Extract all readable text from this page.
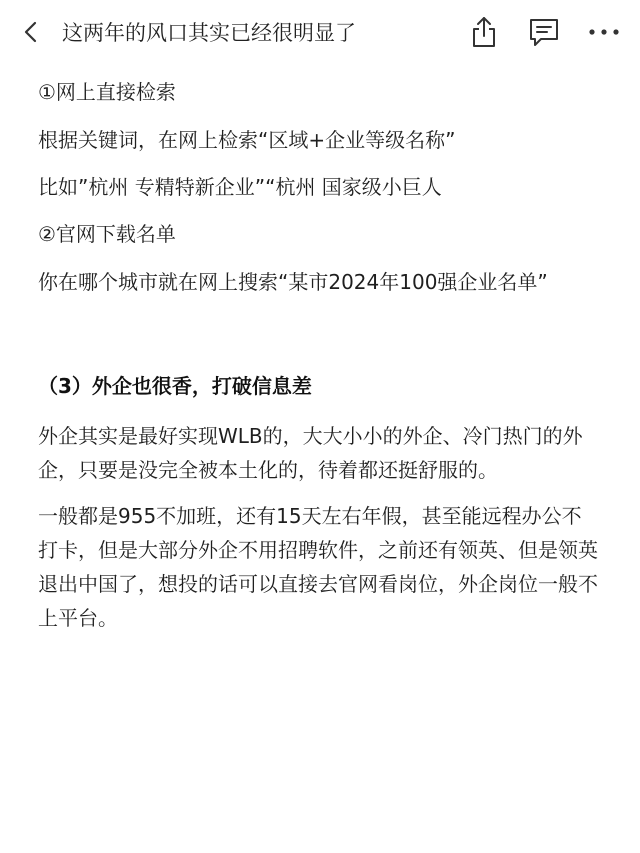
这两年的风口其实已经很明显了

①网上直接检索

根据关键词，在网上检索“区域+企业等级名称”

比如”杭州 专精特新企业”“杭州 国家级小巨人

②官网下载名单

你在哪个城市就在网上搜索“某市2024年100强企业名单”

（3）外企也很香，打破信息差

外企其实是最好实现WLB的，大大小小的外企、冷门热门的外企，只要是没完全被本土化的，待着都还挺舒服的。

一般都是955不加班，还有15天左右年假，甚至能远程办公不打卡，但是大部分外企不用招聘软件，之前还有领英、但是领英退出中国了，想投的话可以直接去官网看岗位，外企岗位一般不上平台。
